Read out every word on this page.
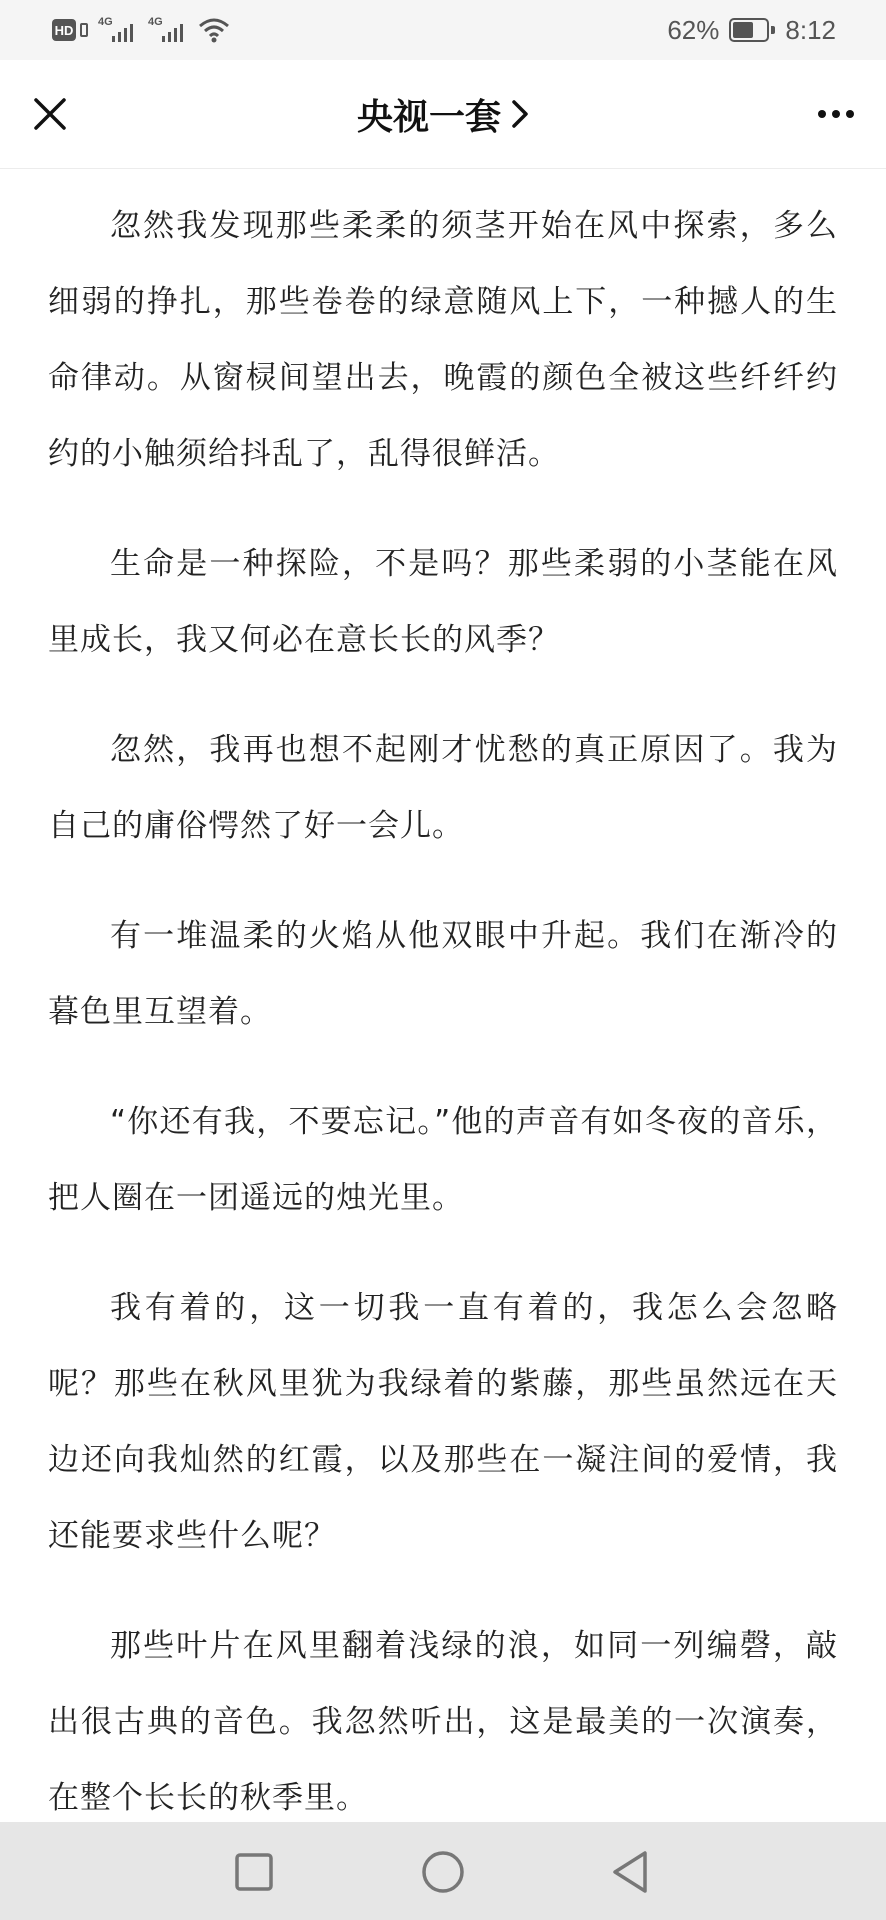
HD
4G	4G	62%	8:12
央视一套

忽然我发现那些柔柔的须茎开始在风中探索，多么细弱的挣扎，那些卷卷的绿意随风上下，一种撼人的生命律动。从窗棂间望出去，晚霞的颜色全被这些纤纤约约的小触须给抖乱了，乱得很鲜活。

生命是一种探险，不是吗？那些柔弱的小茎能在风里成长，我又何必在意长长的风季？

忽然，我再也想不起刚才忧愁的真正原因了。我为自己的庸俗愕然了好一会儿。

有一堆温柔的火焰从他双眼中升起。我们在渐冷的暮色里互望着。

“你还有我，不要忘记。”他的声音有如冬夜的音乐，把人圈在一团遥远的烛光里。

我有着的，这一切我一直有着的，我怎么会忽略呢？那些在秋风里犹为我绿着的紫藤，那些虽然远在天边还向我灿然的红霞，以及那些在一凝注间的爱情，我还能要求些什么呢？

那些叶片在风里翻着浅绿的浪，如同一列编磬，敲出很古典的音色。我忽然听出，这是最美的一次演奏，在整个长长的秋季里。
